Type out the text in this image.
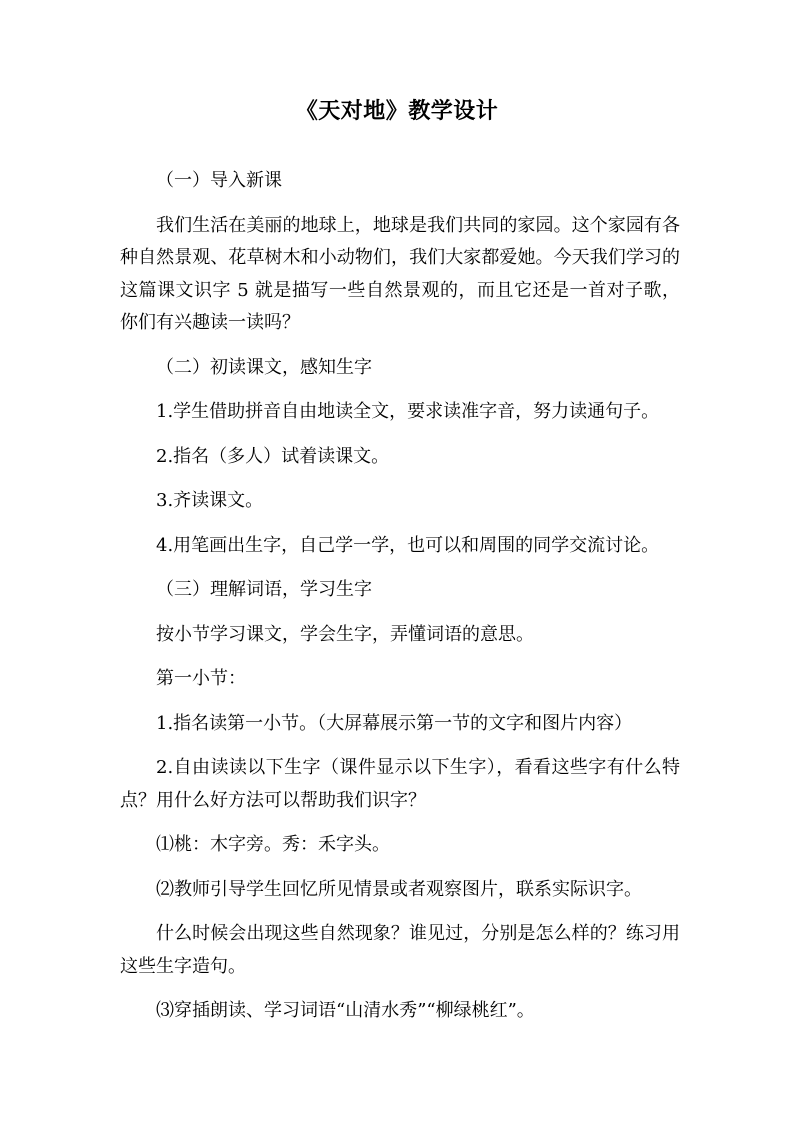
《天对地》教学设计

（一）导入新课

我们生活在美丽的地球上，地球是我们共同的家园。这个家园有各种自然景观、花草树木和小动物们，我们大家都爱她。今天我们学习的这篇课文识字 5 就是描写一些自然景观的，而且它还是一首对子歌，你们有兴趣读一读吗？

（二）初读课文，感知生字

1.学生借助拼音自由地读全文，要求读准字音，努力读通句子。

2.指名（多人）试着读课文。

3.齐读课文。

4.用笔画出生字，自己学一学，也可以和周围的同学交流讨论。

（三）理解词语，学习生字

按小节学习课文，学会生字，弄懂词语的意思。

第一小节：

1.指名读第一小节。（大屏幕展示第一节的文字和图片内容）

2.自由读读以下生字（课件显示以下生字），看看这些字有什么特点？用什么好方法可以帮助我们识字？

⑴桃：木字旁。秀：禾字头。

⑵教师引导学生回忆所见情景或者观察图片，联系实际识字。

什么时候会出现这些自然现象？谁见过，分别是怎么样的？练习用这些生字造句。

⑶穿插朗读、学习词语“山清水秀”“柳绿桃红”。
